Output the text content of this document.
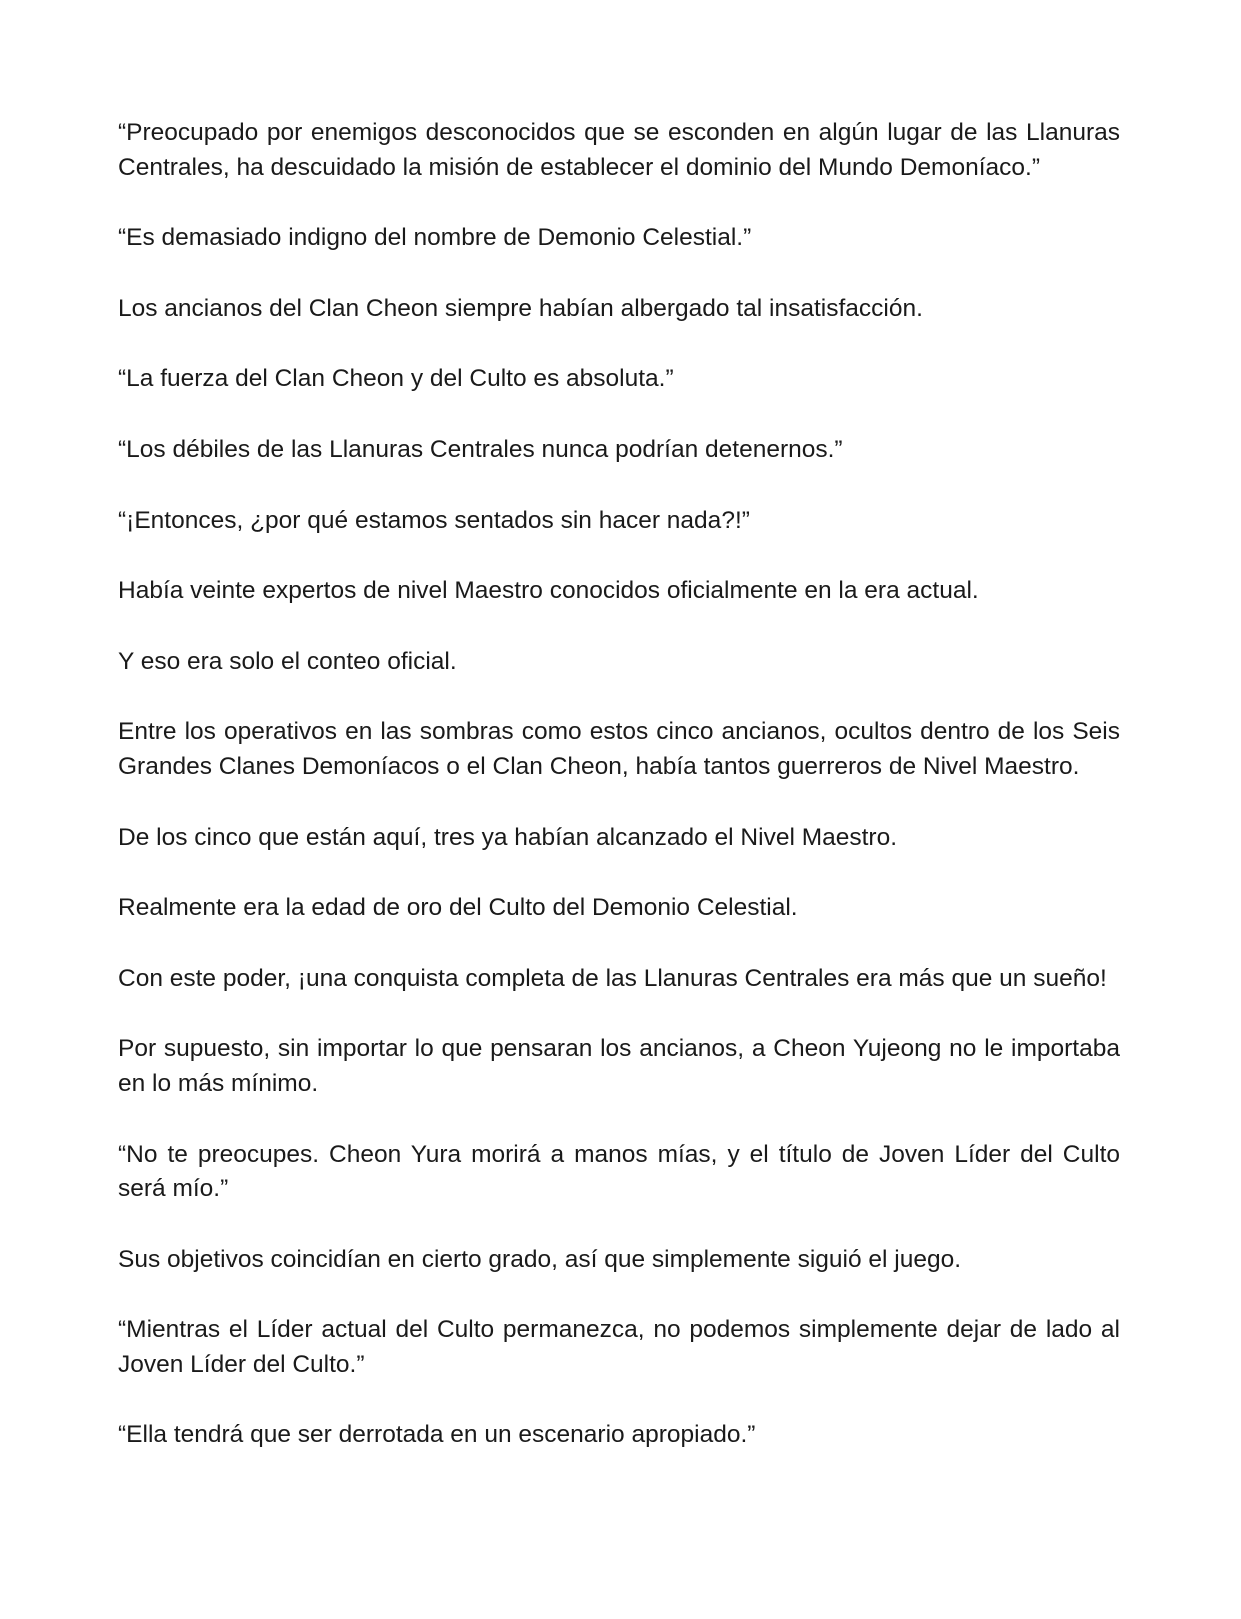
“Preocupado por enemigos desconocidos que se esconden en algún lugar de las Llanuras Centrales, ha descuidado la misión de establecer el dominio del Mundo Demoníaco.”

“Es demasiado indigno del nombre de Demonio Celestial.”

Los ancianos del Clan Cheon siempre habían albergado tal insatisfacción.

“La fuerza del Clan Cheon y del Culto es absoluta.”

“Los débiles de las Llanuras Centrales nunca podrían detenernos.”

“¡Entonces, ¿por qué estamos sentados sin hacer nada?!”

Había veinte expertos de nivel Maestro conocidos oficialmente en la era actual.

Y eso era solo el conteo oficial.

Entre los operativos en las sombras como estos cinco ancianos, ocultos dentro de los Seis Grandes Clanes Demoníacos o el Clan Cheon, había tantos guerreros de Nivel Maestro.

De los cinco que están aquí, tres ya habían alcanzado el Nivel Maestro.

Realmente era la edad de oro del Culto del Demonio Celestial.

Con este poder, ¡una conquista completa de las Llanuras Centrales era más que un sueño!

Por supuesto, sin importar lo que pensaran los ancianos, a Cheon Yujeong no le importaba en lo más mínimo.

“No te preocupes. Cheon Yura morirá a manos mías, y el título de Joven Líder del Culto será mío.”

Sus objetivos coincidían en cierto grado, así que simplemente siguió el juego.

“Mientras el Líder actual del Culto permanezca, no podemos simplemente dejar de lado al Joven Líder del Culto.”

“Ella tendrá que ser derrotada en un escenario apropiado.”
